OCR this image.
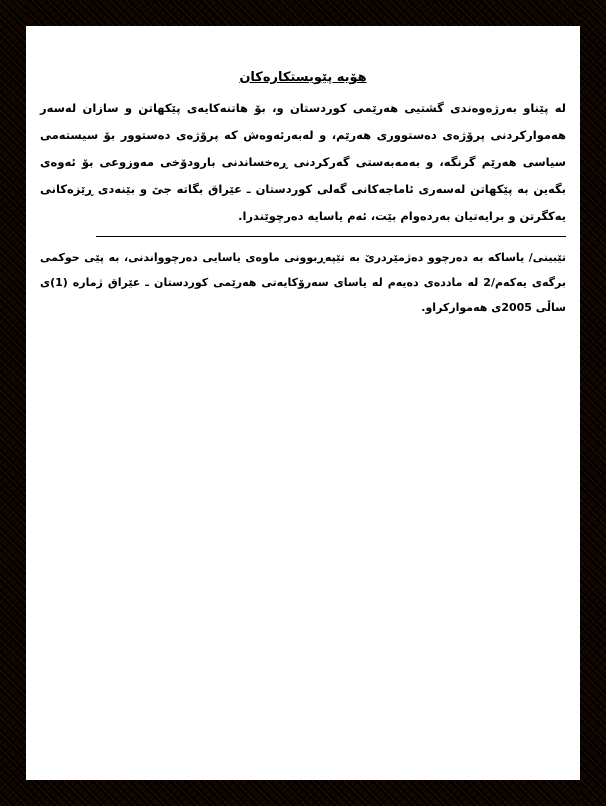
هۆیە پێویستکارەکان

لە پێناو بەرژەوەندی گشتیی هەرێمی کوردستان و، بۆ هاتنەکایەی پێکهاتن و سازان لەسەر هەموارکردنی پرۆژەی دەستووری هەرێم، و لەبەرئەوەش کە پرۆژەی دەستوور بۆ سیستەمی سیاسی هەرێم گرنگە، و بەمەبەستی گەرکردنی ڕەخساندنی بارودۆخی مەوزوعی بۆ ئەوەی بگەین بە پێکهاتن لەسەری ئاماجەکانی گەلی کوردستان ـ عێراق بگاتە جێ و بێنەدی ڕێزەکانی یەکگرتن و برایەتیان بەردەوام بێت، ئەم یاسایە دەرچوێندرا.

تێبینی/ یاساکە بە دەرچوو دەژمێردرێ بە تێپەڕبوونی ماوەی یاسایی دەرچوواندنی، بە پێی حوکمی برگەی یەکەم/2 لە ماددەی دەیەم لە یاسای سەرۆکایەتی هەرێمی کوردستان ـ عێراق ژمارە (1)ی ساڵی 2005ی هەموارکراو.
